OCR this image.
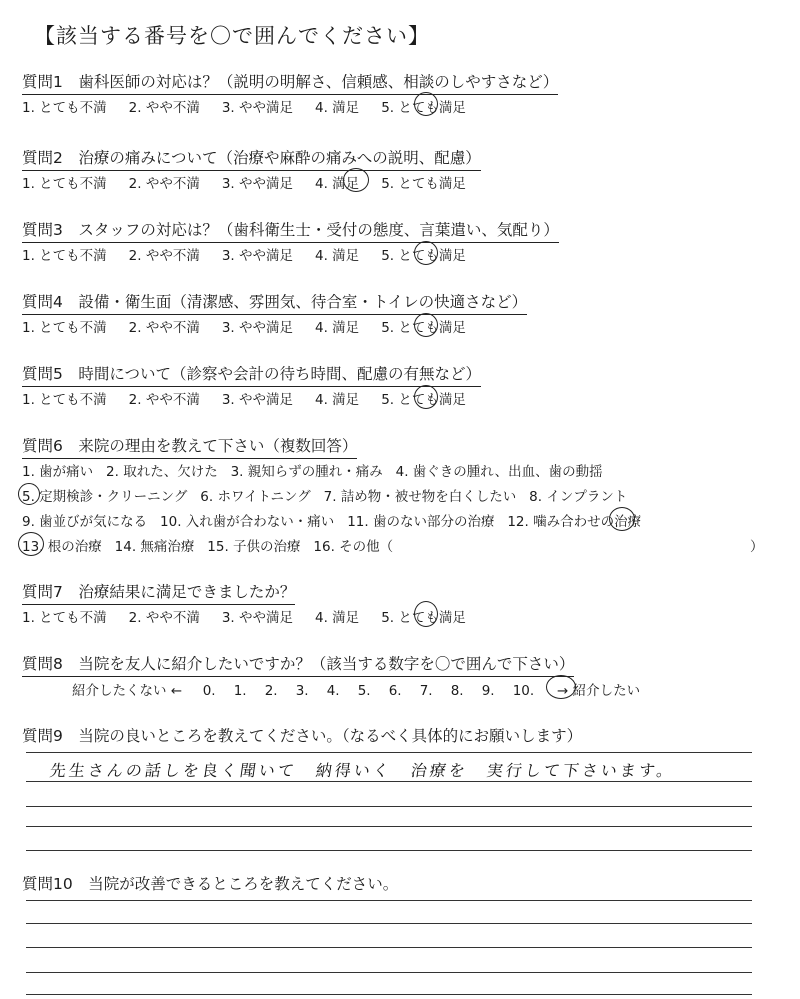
【該当する番号を〇で囲んでください】
質問1　歯科医師の対応は？（説明の明解さ、信頼感、相談のしやすさなど）
1. とても不満 2. やや不満 3. やや満足 4. 満足 5. とても満足
質問2　治療の痛みについて（治療や麻酔の痛みへの説明、配慮）
1. とても不満 2. やや不満 3. やや満足 4. 満足 5. とても満足
質問3　スタッフの対応は？（歯科衛生士・受付の態度、言葉遣い、気配り）
1. とても不満 2. やや不満 3. やや満足 4. 満足 5. とても満足
質問4　設備・衛生面（清潔感、雰囲気、待合室・トイレの快適さなど）
1. とても不満 2. やや不満 3. やや満足 4. 満足 5. とても満足
質問5　時間について（診察や会計の待ち時間、配慮の有無など）
1. とても不満 2. やや不満 3. やや満足 4. 満足 5. とても満足
質問6　来院の理由を教えて下さい（複数回答）
1. 歯が痛い 2. 取れた、欠けた 3. 親知らずの腫れ・痛み 4. 歯ぐきの腫れ、出血、歯の動揺
5. 定期検診・クリーニング 6. ホワイトニング 7. 詰め物・被せ物を白くしたい 8. インプラント
9. 歯並びが気になる 10. 入れ歯が合わない・痛い 11. 歯のない部分の治療 12. 噛み合わせの治療
13. 根の治療 14. 無痛治療 15. 子供の治療 16. その他（	）
質問7　治療結果に満足できましたか？
1. とても不満 2. やや不満 3. やや満足 4. 満足 5. とても満足
質問8　当院を友人に紹介したいですか？（該当する数字を〇で囲んで下さい）
紹介したくない ← 0. 1. 2. 3. 4. 5. 6. 7. 8. 9. 10. → 紹介したい
質問9　当院の良いところを教えてください。（なるべく具体的にお願いします）
先生さんの話しを良く聞いて　納得いく　治療を　実行して下さいます。
質問10　当院が改善できるところを教えてください。
